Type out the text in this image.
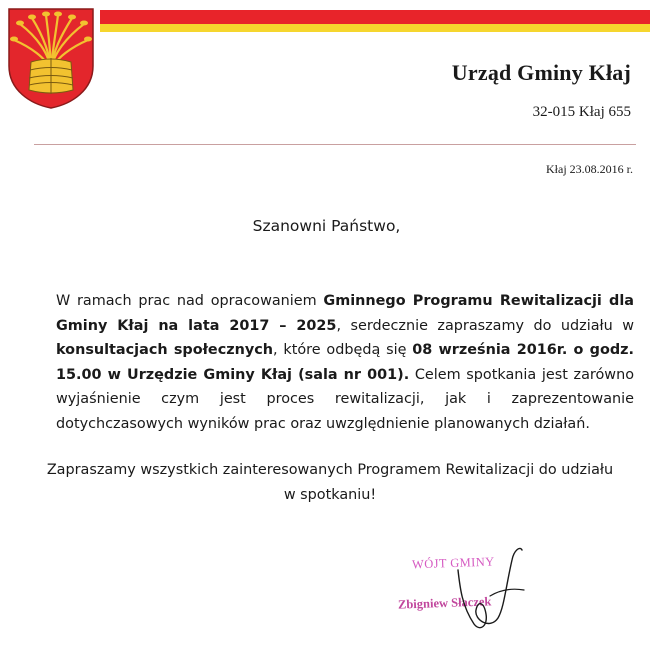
Urząd Gminy Kłaj
32-015 Kłaj 655
Kłaj 23.08.2016 r.
Szanowni Państwo,
W ramach prac nad opracowaniem Gminnego Programu Rewitalizacji dla Gminy Kłaj na lata 2017 – 2025, serdecznie zapraszamy do udziału w konsultacjach społecznych, które odbędą się 08 września 2016r. o godz. 15.00 w Urzędzie Gminy Kłaj (sala nr 001). Celem spotkania jest zarówno wyjaśnienie czym jest proces rewitalizacji, jak i zaprezentowanie dotychczasowych wyników prac oraz uwzględnienie planowanych działań.
Zapraszamy wszystkich zainteresowanych Programem Rewitalizacji do udziału w spotkaniu!
WÓJT GMINY
Zbigniew Słaczek
